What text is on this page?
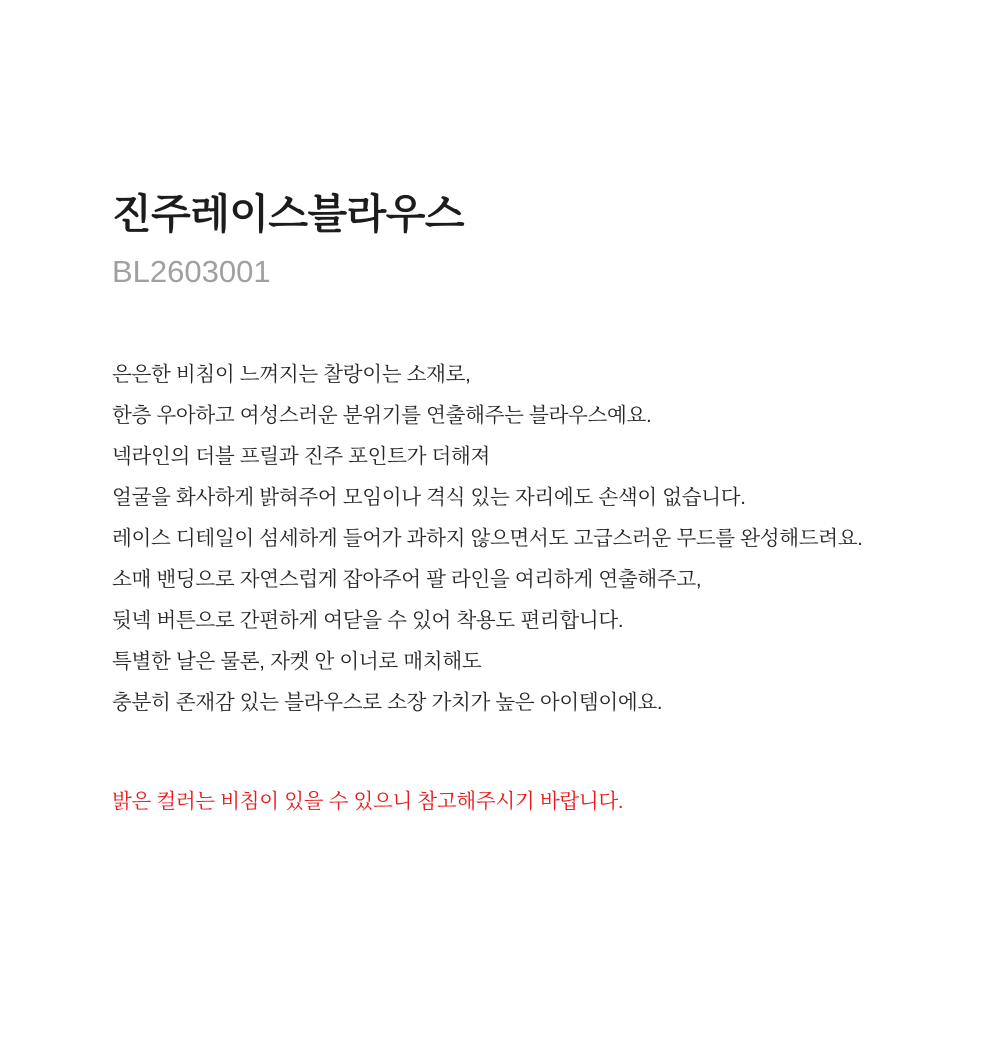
진주레이스블라우스
BL2603001
은은한 비침이 느껴지는 찰랑이는 소재로,
한층 우아하고 여성스러운 분위기를 연출해주는 블라우스예요.
넥라인의 더블 프릴과 진주 포인트가 더해져
얼굴을 화사하게 밝혀주어 모임이나 격식 있는 자리에도 손색이 없습니다.
레이스 디테일이 섬세하게 들어가 과하지 않으면서도 고급스러운 무드를 완성해드려요.
소매 밴딩으로 자연스럽게 잡아주어 팔 라인을 여리하게 연출해주고,
뒷넥 버튼으로 간편하게 여닫을 수 있어 착용도 편리합니다.
특별한 날은 물론, 자켓 안 이너로 매치해도
충분히 존재감 있는 블라우스로 소장 가치가 높은 아이템이에요.
밝은 컬러는 비침이 있을 수 있으니 참고해주시기 바랍니다.
